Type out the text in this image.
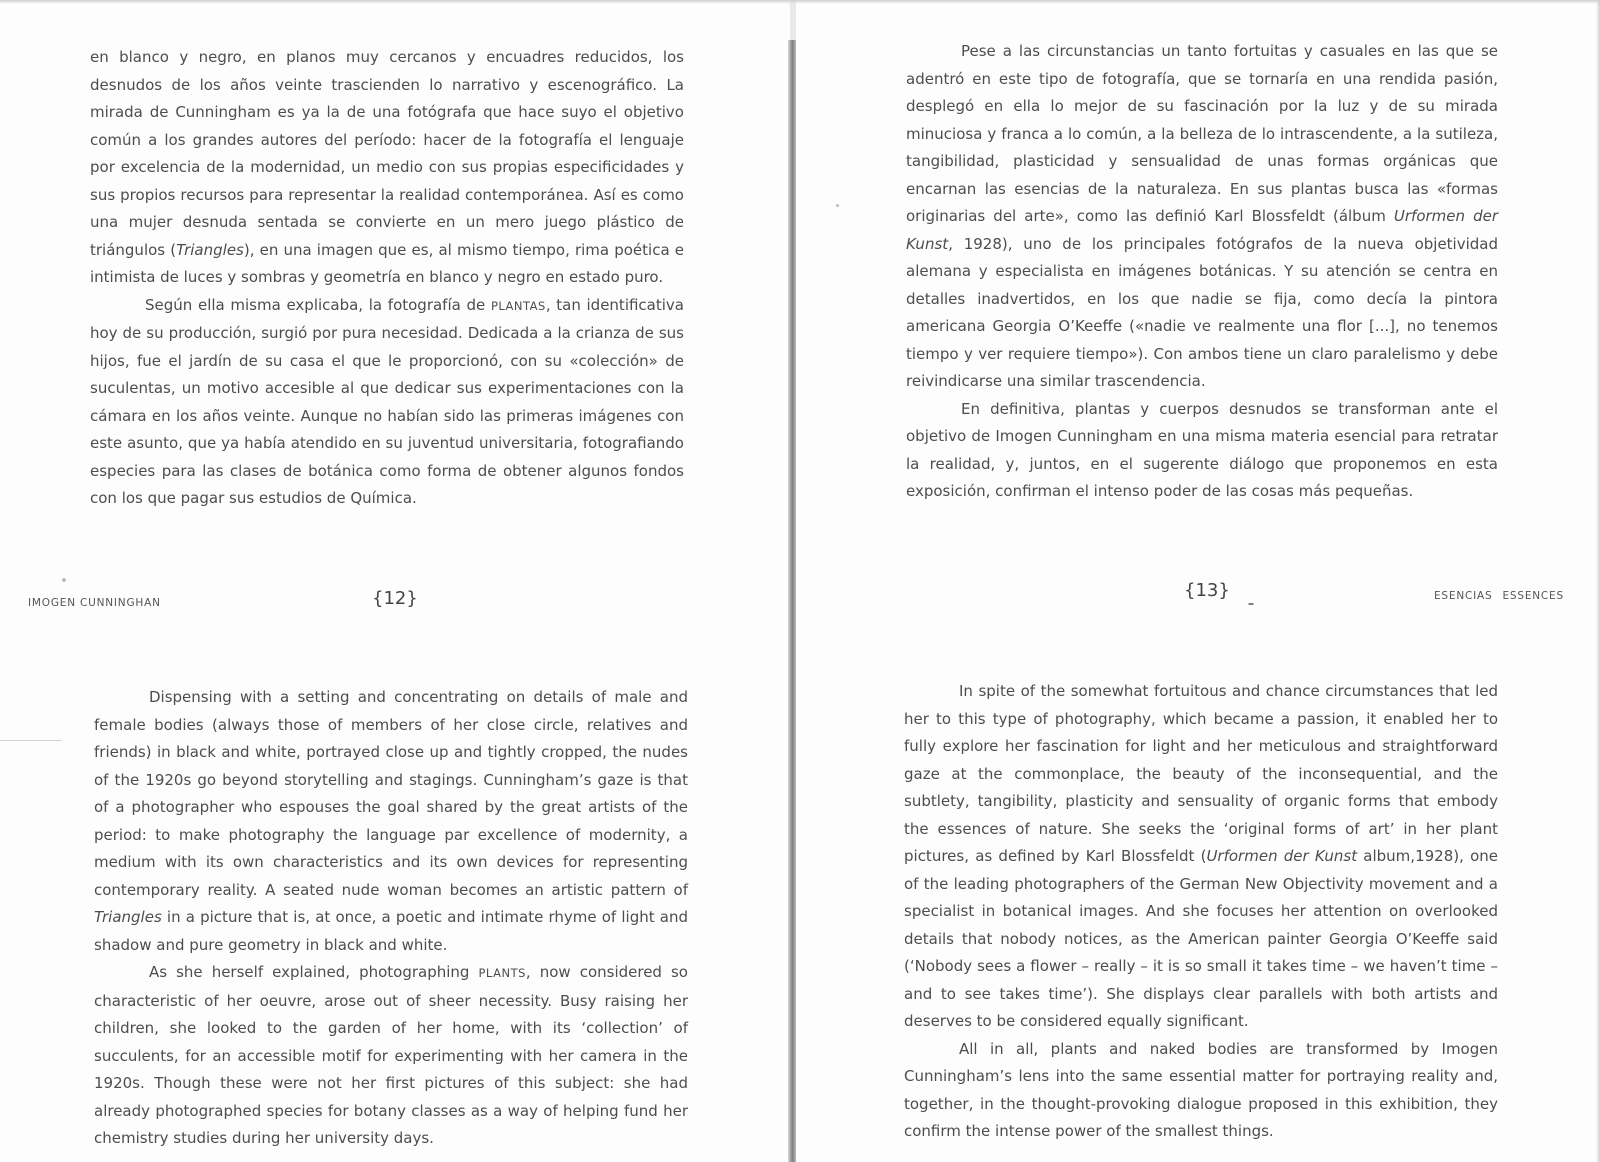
en blanco y negro, en planos muy cercanos y encuadres reducidos, los desnudos de los años veinte trascienden lo narrativo y escenográfico. La mirada de Cunningham es ya la de una fotógrafa que hace suyo el objetivo común a los grandes autores del período: hacer de la fotografía el lenguaje por excelencia de la modernidad, un medio con sus propias especificidades y sus propios recursos para representar la realidad contemporánea. Así es como una mujer desnuda sentada se convierte en un mero juego plástico de triángulos (Triangles), en una imagen que es, al mismo tiempo, rima poética e intimista de luces y sombras y geometría en blanco y negro en estado puro.

Según ella misma explicaba, la fotografía de PLANTAS, tan identificativa hoy de su producción, surgió por pura necesidad. Dedicada a la crianza de sus hijos, fue el jardín de su casa el que le proporcionó, con su «colección» de suculentas, un motivo accesible al que dedicar sus experimentaciones con la cámara en los años veinte. Aunque no habían sido las primeras imágenes con este asunto, que ya había atendido en su juventud universitaria, fotografiando especies para las clases de botánica como forma de obtener algunos fondos con los que pagar sus estudios de Química.

IMOGEN CUNNINGHAN	{12}

Dispensing with a setting and concentrating on details of male and female bodies (always those of members of her close circle, relatives and friends) in black and white, portrayed close up and tightly cropped, the nudes of the 1920s go beyond storytelling and stagings. Cunningham’s gaze is that of a photographer who espouses the goal shared by the great artists of the period: to make photography the language par excellence of modernity, a medium with its own characteristics and its own devices for representing contemporary reality. A seated nude woman becomes an artistic pattern of Triangles in a picture that is, at once, a poetic and intimate rhyme of light and shadow and pure geometry in black and white.

As she herself explained, photographing PLANTS, now considered so characteristic of her oeuvre, arose out of sheer necessity. Busy raising her children, she looked to the garden of her home, with its ‘collection’ of succulents, for an accessible motif for experimenting with her camera in the 1920s. Though these were not her first pictures of this subject: she had already photographed species for botany classes as a way of helping fund her chemistry studies during her university days.

Pese a las circunstancias un tanto fortuitas y casuales en las que se adentró en este tipo de fotografía, que se tornaría en una rendida pasión, desplegó en ella lo mejor de su fascinación por la luz y de su mirada minuciosa y franca a lo común, a la belleza de lo intrascendente, a la sutileza, tangibilidad, plasticidad y sensualidad de unas formas orgánicas que encarnan las esencias de la naturaleza. En sus plantas busca las «formas originarias del arte», como las definió Karl Blossfeldt (álbum Urformen der Kunst, 1928), uno de los principales fotógrafos de la nueva objetividad alemana y especialista en imágenes botánicas. Y su atención se centra en detalles inadvertidos, en los que nadie se fija, como decía la pintora americana Georgia O’Keeffe («nadie ve realmente una flor [...], no tenemos tiempo y ver requiere tiempo»). Con ambos tiene un claro paralelismo y debe reivindicarse una similar trascendencia.

En definitiva, plantas y cuerpos desnudos se transforman ante el objetivo de Imogen Cunningham en una misma materia esencial para retratar la realidad, y, juntos, en el sugerente diálogo que proponemos en esta exposición, confirman el intenso poder de las cosas más pequeñas.

{13}	ESENCIAS ESSENCES

In spite of the somewhat fortuitous and chance circumstances that led her to this type of photography, which became a passion, it enabled her to fully explore her fascination for light and her meticulous and straightforward gaze at the commonplace, the beauty of the inconsequential, and the subtlety, tangibility, plasticity and sensuality of organic forms that embody the essences of nature. She seeks the ‘original forms of art’ in her plant pictures, as defined by Karl Blossfeldt (Urformen der Kunst album,1928), one of the leading photographers of the German New Objectivity movement and a specialist in botanical images. And she focuses her attention on overlooked details that nobody notices, as the American painter Georgia O’Keeffe said (‘Nobody sees a flower – really – it is so small it takes time – we haven’t time – and to see takes time’). She displays clear parallels with both artists and deserves to be considered equally significant.

All in all, plants and naked bodies are transformed by Imogen Cunningham’s lens into the same essential matter for portraying reality and, together, in the thought-provoking dialogue proposed in this exhibition, they confirm the intense power of the smallest things.
